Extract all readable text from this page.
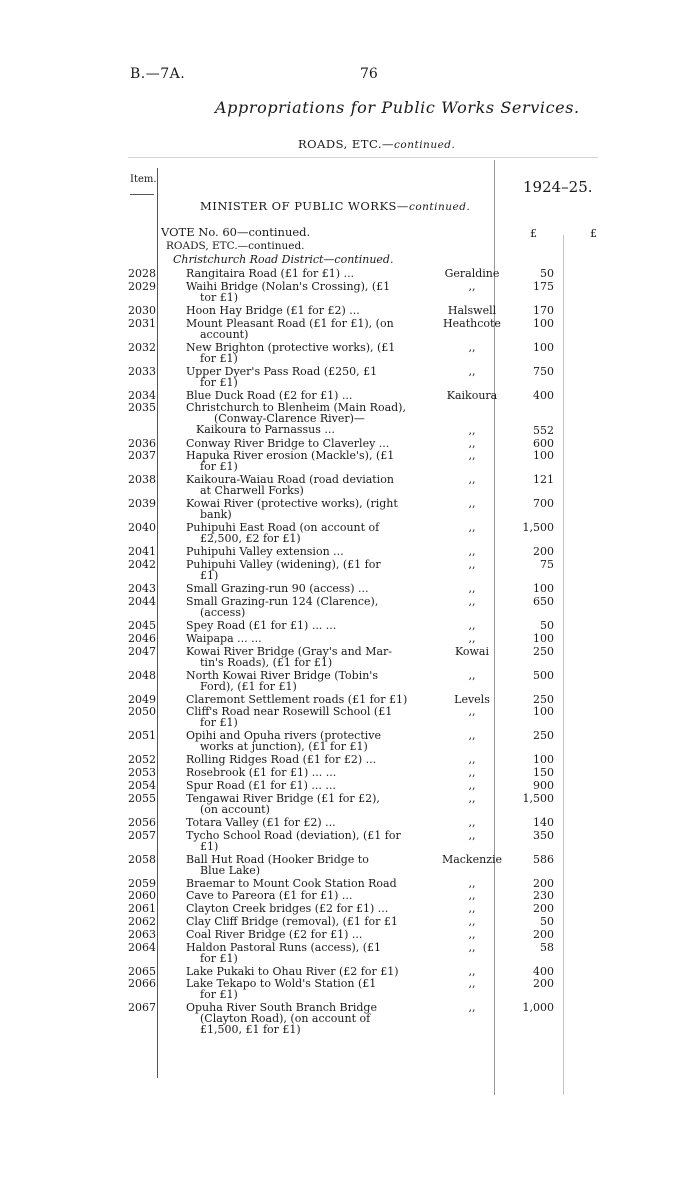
B.—7A.	76
Appropriations for Public Works Services.
ROADS, ETC.—continued.
Item.	1924–25.
MINISTER OF PUBLIC WORKS—continued.
VOTE No. 60—continued.	£	£
ROADS, ETC.—continued.
Christchurch Road District—continued.
2028	Rangitaira Road (£1 for £1) ...	Geraldine	50
2029	Waihi Bridge (Nolan's Crossing), (£1
tor £1)
,,	175
2030	Hoon Hay Bridge (£1 for £2) ...	Halswell	170
2031	Mount Pleasant Road (£1 for £1), (on
account)
Heathcote	100
2032	New Brighton (protective works), (£1
for £1)
,,	100
2033	Upper Dyer's Pass Road (£250, £1
for £1)
,,	750
2034	Blue Duck Road (£2 for £1) ...	Kaikoura	400
2035	Christchurch to Blenheim (Main Road),
(Conway-Clarence River)—
Kaikoura to Parnassus ...	,,	552
2036	Conway River Bridge to Claverley ...	,,	600
2037	Hapuka River erosion (Mackle's), (£1
for £1)
,,	100
2038	Kaikoura-Waiau Road (road deviation
at Charwell Forks)
,,	121
2039	Kowai River (protective works), (right
bank)
,,	700
2040	Puhipuhi East Road (on account of
£2,500, £2 for £1)
,,	1,500
2041	Puhipuhi Valley extension ...	,,	200
2042	Puhipuhi Valley (widening), (£1 for
£1)
,,	75
2043	Small Grazing-run 90 (access) ...	,,	100
2044	Small Grazing-run 124 (Clarence),
(access)
,,	650
2045	Spey Road (£1 for £1) ... ...	,,	50
2046	Waipapa ... ...	,,	100
2047	Kowai River Bridge (Gray's and Mar-
tin's Roads), (£1 for £1)
Kowai	250
2048	North Kowai River Bridge (Tobin's
Ford), (£1 for £1)
,,	500
2049	Claremont Settlement roads (£1 for £1)	Levels	250
2050	Cliff's Road near Rosewill School (£1
for £1)
,,	100
2051	Opihi and Opuha rivers (protective
works at junction), (£1 for £1)
,,	250
2052	Rolling Ridges Road (£1 for £2) ...	,,	100
2053	Rosebrook (£1 for £1) ... ...	,,	150
2054	Spur Road (£1 for £1) ... ...	,,	900
2055	Tengawai River Bridge (£1 for £2),
(on account)
,,	1,500
2056	Totara Valley (£1 for £2) ...	,,	140
2057	Tycho School Road (deviation), (£1 for
£1)
,,	350
2058	Ball Hut Road (Hooker Bridge to
Blue Lake)
Mackenzie	586
2059	Braemar to Mount Cook Station Road	,,	200
2060	Cave to Pareora (£1 for £1) ...	,,	230
2061	Clayton Creek bridges (£2 for £1) ...	,,	200
2062	Clay Cliff Bridge (removal), (£1 for £1	,,	50
2063	Coal River Bridge (£2 for £1) ...	,,	200
2064	Haldon Pastoral Runs (access), (£1
for £1)
,,	58
2065	Lake Pukaki to Ohau River (£2 for £1)	,,	400
2066	Lake Tekapo to Wold's Station (£1
for £1)
,,	200
2067	Opuha River South Branch Bridge
(Clayton Road), (on account of
£1,500, £1 for £1)
,,	1,000
